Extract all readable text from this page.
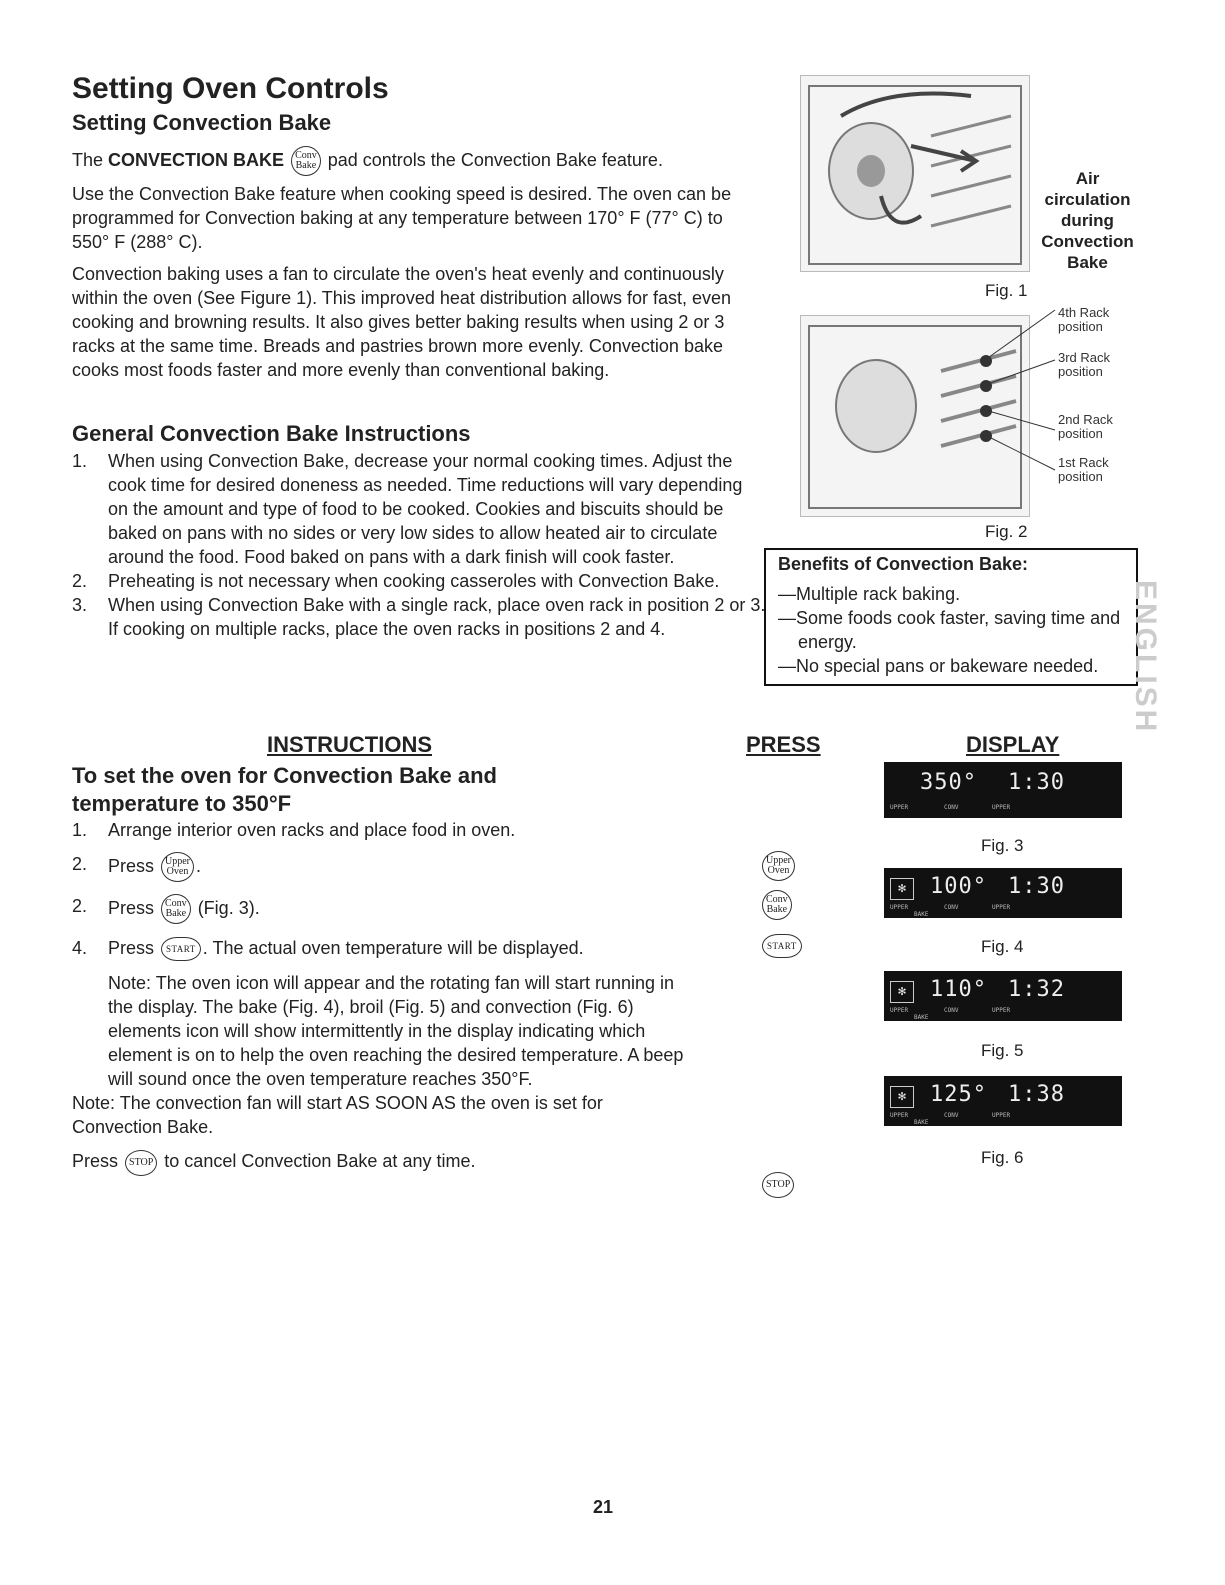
Setting Oven Controls
Setting Convection Bake

The CONVECTION BAKE Conv
Bake pad controls the Convection Bake feature.

Use the Convection Bake feature when cooking speed is desired. The oven can be programmed for Convection baking at any temperature between 170° F (77° C) to 550° F (288° C).

Convection baking uses a fan to circulate the oven's heat evenly and continuously within the oven (See Figure 1). This improved heat distribution allows for fast, even cooking and browning results. It also gives better baking results when using 2 or 3 racks at the same time. Breads and pastries brown more evenly. Convection bake cooks most foods faster and more evenly than conventional baking.

General Convection Bake Instructions
1. When using Convection Bake, decrease your normal cooking times. Adjust the cook time for desired doneness as needed. Time reductions will vary depending on the amount and type of food to be cooked. Cookies and biscuits should be baked on pans with no sides or very low sides to allow heated air to circulate around the food. Food baked on pans with a dark finish will cook faster.
2. Preheating is not necessary when cooking casseroles with Convection Bake.
3. When using Convection Bake with a single rack, place oven rack in position 2 or 3. If cooking on multiple racks, place the oven racks in positions 2 and 4.
Air circulation during Convection Bake
Fig. 1
4th Rack
position
3rd Rack
position
2nd Rack
position
1st Rack
position
Fig. 2
Benefits of Convection Bake:
—Multiple rack baking.
—Some foods cook faster, saving time and energy.
—No special pans or bakeware needed.	ENGLISH
INSTRUCTIONS	PRESS	DISPLAY
To set the oven for Convection Bake and temperature to 350°F
1. Arrange interior oven racks and place food in oven.
2. Press Upper
Oven .
2. Press Conv
Bake (Fig. 3).
4. Press START . The actual oven temperature will be displayed.
Note: The oven icon will appear and the rotating fan will start running in the display. The bake (Fig. 4), broil (Fig. 5) and convection (Fig. 6) elements icon will show intermittently in the display indicating which element is on to help the oven reaching the desired temperature. A beep will sound once the oven temperature reaches 350°F.
Note: The convection fan will start AS SOON AS the oven is set for Convection Bake.
Press STOP to cancel Convection Bake at any time.
Upper
Oven
Conv
Bake
START
STOP
350° 1:30
UPPER	CONV	UPPER
Fig. 3
✻	100° 1:30
UPPER	CONV	UPPER
BAKE
Fig. 4
✻	110° 1:32
UPPER	CONV	UPPER
BAKE
Fig. 5
✻	125° 1:38
UPPER	CONV	UPPER
BAKE
Fig. 6
21
